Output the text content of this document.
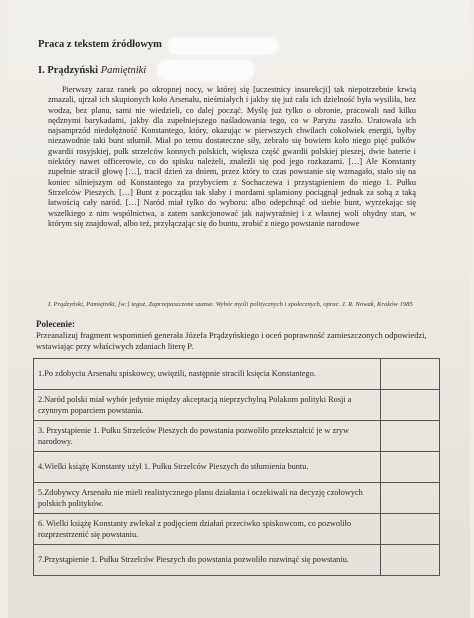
Praca z tekstem źródłowym
I. Prądzyński Pamiętniki

Pierwszy zaraz ranek po okropnej nocy, w której się [uczestnicy insurekcji] tak niepotrzebnie krwią zmazali, ujrzał ich skupionych koło Arsenału, nieśmiałych i jakby się już cała ich dzielność była wysiliła, bez wodza, bez planu, sami nie wiedzieli, co dalej począć. Myślę już tylko o obronie, pracowali nad kilku nędznymi barykadami, jakby dla zupełniejszego naśladowania tego, co w Paryżu zaszło. Uratowała ich najsamprzód niedołężność Konstantego, który, okazując w pierwszych chwilach cokolwiek energii, byłby niezawodnie taki bunt stłumił. Miał po temu dostateczne siły, zebrało się bowiem koło niego pięć pułków gwardii rosyjskiej, pułk strzelców konnych polskich, większa część gwardii polskiej pieszej, dwie baterie i niektóry nawet officerowie, co do spisku należeli, znaleźli się pod jego rozkazami. […] Ale Konstanty zupełnie stracił głowę […], tracił dzień za dniem, przez który to czas powstanie się wzmagało, stało się na koniec silniejszym od Konstantego za przybyciem z Sochaczewa i przystąpieniem do niego 1. Pułku Strzelców Pieszych. […] Bunt z początku tak słaby i mordami splamiony pociągnął jednak za sobą z taką łatwością cały naród. […] Naród miał tylko do wyboru: albo odepchnąć od siebie bunt, wyrzekając się wszelkiego z nim wspólnictwa, a zatem sankcjonować jak najwyraźniej i z własnej woli ohydny stan, w którym się znajdował, albo też, przyłączając się do buntu, zrobić z niego powstanie narodowe

I. Prądzyński, Pamiętniki, [w:] tegoż, Zaprzepaszczone szanse. Wybór myśli politycznych i społecznych, oprac. J. R. Nowak, Kraków 1985
Polecenie:
Przeanalizuj fragment wspomnień generała Józefa Prądzyńskiego i oceń poprawność zamieszczonych odpowiedzi, wstawiając przy właściwych zdaniach literę P.
1.Po zdobyciu Arsenału spiskowcy, uwięzili, następnie stracili księcia Konstantego.	
2.Naród polski miał wybór jedynie między akceptacją nieprzychylną Polakom polityki Rosji a czynnym poparciem powstania.	
3. Przystąpienie 1. Pułku Strzelców Pieszych do powstania pozwoliło przekształcić je w zryw narodowy.	
4.Wielki książę Konstanty użył 1. Pułku Strzelców Pieszych do stłumienia buntu.	
5.Zdobywcy Arsenału nie mieli realistycznego planu działania i oczekiwali na decyzję czołowych polskich polityków.	
6. Wielki książę Konstanty zwlekał z podjęciem działań przeciwko spiskowcom, co pozwoliło rozprzestrzenić się powstaniu.	
7.Przystąpienie 1. Pułku Strzelców Pieszych do powstania pozwoliło rozwinąć się powstaniu.	
